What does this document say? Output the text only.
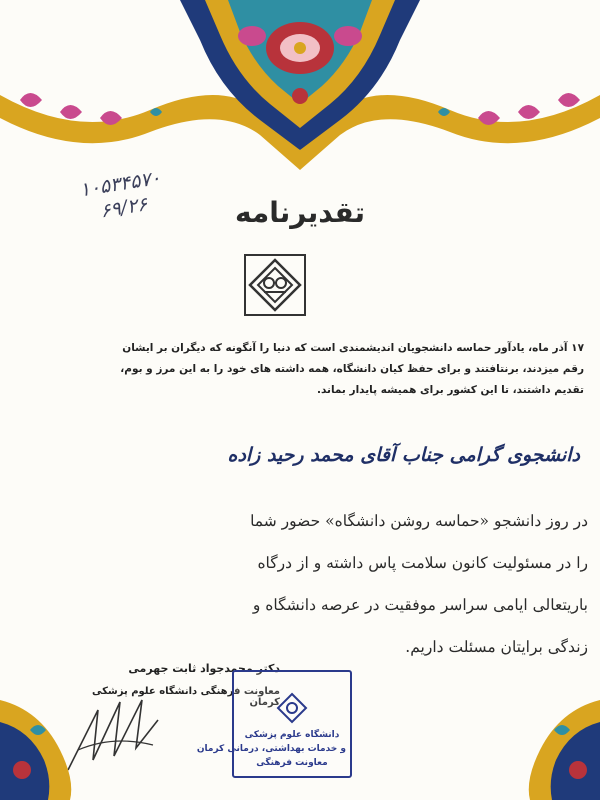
۱۰۵۳۴۵۷۰
۶۹/۲۶	تقدیرنامه
۱۷ آذر ماه، یادآور حماسه دانشجویان اندیشمندی است که دنیا را آنگونه که دیگران بر ایشان
رقم میزدند، برنتافتند و برای حفظ کیان دانشگاه، همه داشته های خود را به این مرز و بوم،
تقدیم داشتند، تا این کشور برای همیشه پایدار بماند.
دانشجوی گرامی جناب آقای محمد رحید زاده
در روز دانشجو «حماسه روشن دانشگاه» حضور شما
را در مسئولیت کانون سلامت پاس داشته و از درگاه
باریتعالی ایامی سراسر موفقیت در عرصه دانشگاه و
زندگی برایتان مسئلت داریم.
دکتر محمدجواد ثابت جهرمی
معاونت فرهنگی دانشگاه علوم پزشکی کرمان
دانشگاه علوم پزشکی
و خدمات بهداشتی، درمانی کرمان
معاونت فرهنگی
